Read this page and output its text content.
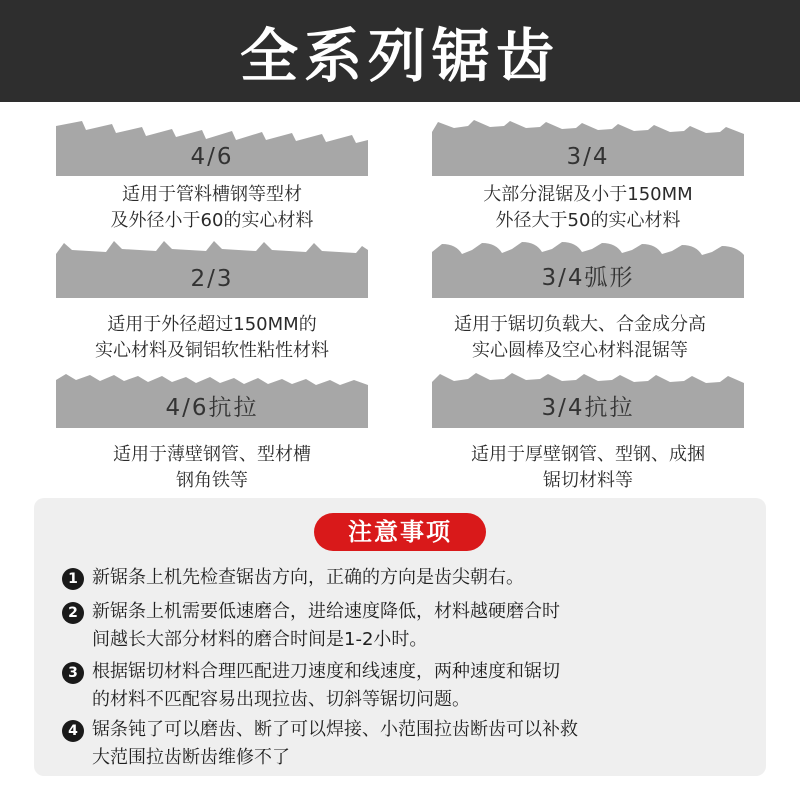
全系列锯齿
4/6
适用于管料槽钢等型材
及外径小于60的实心材料
3/4
大部分混锯及小于150MM
外径大于50的实心材料
2/3
适用于外径超过150MM的
实心材料及铜铝软性粘性材料
3/4弧形
适用于锯切负载大、合金成分高
实心圆棒及空心材料混锯等
4/6抗拉
适用于薄壁钢管、型材槽
钢角铁等
3/4抗拉
适用于厚壁钢管、型钢、成捆
锯切材料等
注意事项
1 新锯条上机先检查锯齿方向，正确的方向是齿尖朝右。
2 新锯条上机需要低速磨合，进给速度降低，材料越硬磨合时
间越长大部分材料的磨合时间是1-2小时。
3 根据锯切材料合理匹配进刀速度和线速度，两种速度和锯切
的材料不匹配容易出现拉齿、切斜等锯切问题。
4 锯条钝了可以磨齿、断了可以焊接、小范围拉齿断齿可以补救
大范围拉齿断齿维修不了
